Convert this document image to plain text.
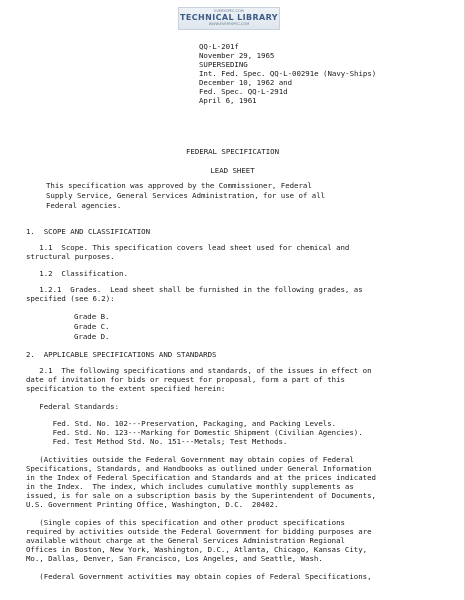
EVERYSPEC.COM
TECHNICAL LIBRARY
WWW.EVERYSPEC.COM
QQ-L-201f
November 29, 1965
SUPERSEDING
Int. Fed. Spec. QQ-L-00291e (Navy-Ships)
December 10, 1962 and
Fed. Spec. QQ-L-291d
April 6, 1961
FEDERAL SPECIFICATION
LEAD SHEET
This specification was approved by the Commissioner, Federal
Supply Service, General Services Administration, for use of all
Federal agencies.
1.  SCOPE AND CLASSIFICATION
1.1  Scope. This specification covers lead sheet used for chemical and
structural purposes.
1.2  Classification.
1.2.1  Grades.  Lead sheet shall be furnished in the following grades, as
specified (see 6.2):
Grade B.
Grade C.
Grade D.
2.  APPLICABLE SPECIFICATIONS AND STANDARDS
2.1  The following specifications and standards, of the issues in effect on
date of invitation for bids or request for proposal, form a part of this
specification to the extent specified herein:
Federal Standards:
Fed. Std. No. 102---Preservation, Packaging, and Packing Levels.
Fed. Std. No. 123---Marking for Domestic Shipment (Civilian Agencies).
Fed. Test Method Std. No. 151---Metals; Test Methods.
(Activities outside the Federal Government may obtain copies of Federal
Specifications, Standards, and Handbooks as outlined under General Information
in the Index of Federal Specification and Standards and at the prices indicated
in the Index.  The index, which includes cumulative monthly supplements as
issued, is for sale on a subscription basis by the Superintendent of Documents,
U.S. Government Printing Office, Washington, D.C.  20402.
(Single copies of this specification and other product specifications
required by activities outside the Federal Government for bidding purposes are
available without charge at the General Services Administration Regional
Offices in Boston, New York, Washington, D.C., Atlanta, Chicago, Kansas City,
Mo., Dallas, Denver, San Francisco, Los Angeles, and Seattle, Wash.
(Federal Government activities may obtain copies of Federal Specifications,
